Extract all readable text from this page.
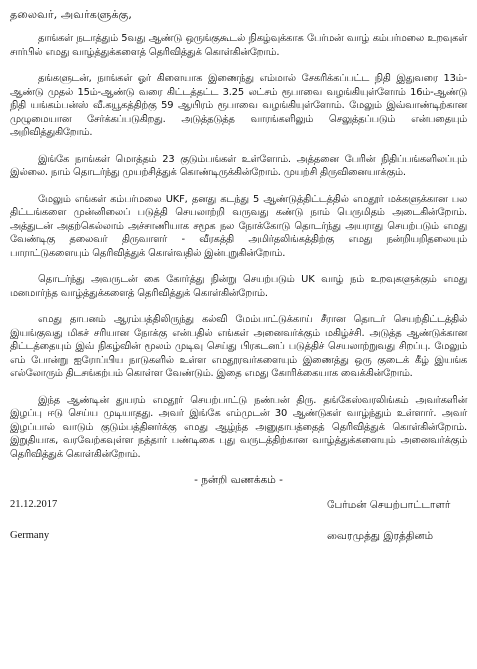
தலைவர், அவர்களுக்கு,

தாங்கள் நடாத்தும் 5வது ஆண்டு ஒருங்குகூடல் நிகழ்வுக்காக பேர்மன் வாழ் கம்பர்மலை உறவுகள் சார்பில் எமது வாழ்த்துக்களைத் தெரிவித்துக் கொள்கின்றோம்.

தங்களுடன், நாங்கள் ஓர் கிளையாக இணைந்து எம்மால் சேகரிக்கப்பட்ட நிதி இதுவரை 13ம்-ஆண்டு முதல் 15ம்-ஆண்டு வரை கிட்டத்தட்ட 3.25 லட்சம் ரூபாவை வழங்கியுள்ளோம் 16ம்-ஆண்டு நிதி யங்கம்பன்ஸ் வீ.கயூகத்திற்கு 59 ஆயிரம் ரூபாவை வழங்கியுள்ளோம். மேலும் இவ்வாண்டிற்கான முழுமையான சேர்க்கப்படுகிறது. அடுத்தடுத்த வாரங்களிலும் செலுத்தப்படும் என்பதையும் அறிவித்துகிறோம்.

இங்கே நாங்கள் மொத்தம் 23 குடும்பங்கள் உள்ளோம். அத்தனை பேரின் நிதிப்பங்களிலப்பும் இல்லை. நாம் தொடர்ந்து முயற்சித்துக் கொண்டிருக்கின்றோம். முயற்சி திருவினையாக்கும்.

மேலும் எங்கள் கம்பர்மலை UKF, தனது கடந்து 5 ஆண்டுத்திட்டத்தில் எமதூர் மக்களுக்கான பல திட்டங்களை முன்னிலைப் படுத்தி செயலாற்றி வருவது கண்டு நாம் பெருமிதம் அடைகின்றோம். அத்துடன் அதற்கெல்லாம் அச்சாணியாக சமூக நல நோக்கோடு தொடர்ந்து அயராது செயற்படும் எமது வேண்டிகு தலைவர் திருவாளர் - வீரகத்தி அமிர்தலிங்கத்திற்கு எமது நன்றியறிதலையும் பாராட்டுகளையும் தெரிவித்துக் கொள்வதில் இன்புறுகின்றோம்.

தொடர்ந்து அவருடன் கை கோர்த்து நின்று செயற்படும் UK வாழ் நம் உறவுகளுக்கும் எமது மனமார்ந்த வாழ்த்துக்களைத் தெரிவித்துக் கொள்கின்றோம்.

எமது தாபனம் ஆரம்பத்திலிருந்து கல்வி மேம்பாட்டுக்காய் சீரான தொடர் செயற்திட்டத்தில் இயங்குவது மிகச் சரியான நோக்கு என்பதில் எங்கள் அனைவர்க்கும் மகிழ்ச்சி. அடுத்த ஆண்டுக்கான திட்டத்தையும் இவ் நிகழ்வின் மூலம் முடிவு செய்து பிரகடனப் படுத்திச் செயலாற்றுவது சிறப்பு. மேலும் எம் போன்று ஐரோப்பிய நாடுகளில் உள்ள எமதூரவர்களையும் இணைத்து ஒரு குடைக் கீழ் இயங்க எல்லோரும் திடசங்கற்பம் கொள்ள வேண்டும். இதை எமது கோரிக்கையாக வைக்கின்றோம்.

இந்த ஆண்டின் துயரம் எமதூர் செயற்பாட்டு நண்பன் திரு. தங்கேஸ்வரலிங்கம் அவர்களின் இழப்பு ஈடு செய்ய முடியாதது. அவர் இங்கே எம்முடன் 30 ஆண்டுகள் வாழ்ந்தும் உள்ளார். அவர் இழப்பால் வாடும் குடும்பத்தினர்க்கு எமது ஆழ்ந்த அனுதாபத்தைத் தெரிவித்துக் கொள்கின்றோம். இறுதியாக, வரவேற்கவுள்ள நத்தார் பண்டிகை புது வருடத்திற்கான வாழ்த்துக்களையும் அனைவர்க்கும் தெரிவித்துக் கொள்கின்றோம்.

- நன்றி வணக்கம் -
21.12.2017	பேர்மன் செயற்பாட்டாளர்
Germany	வைரமுத்து இரத்தினம்
